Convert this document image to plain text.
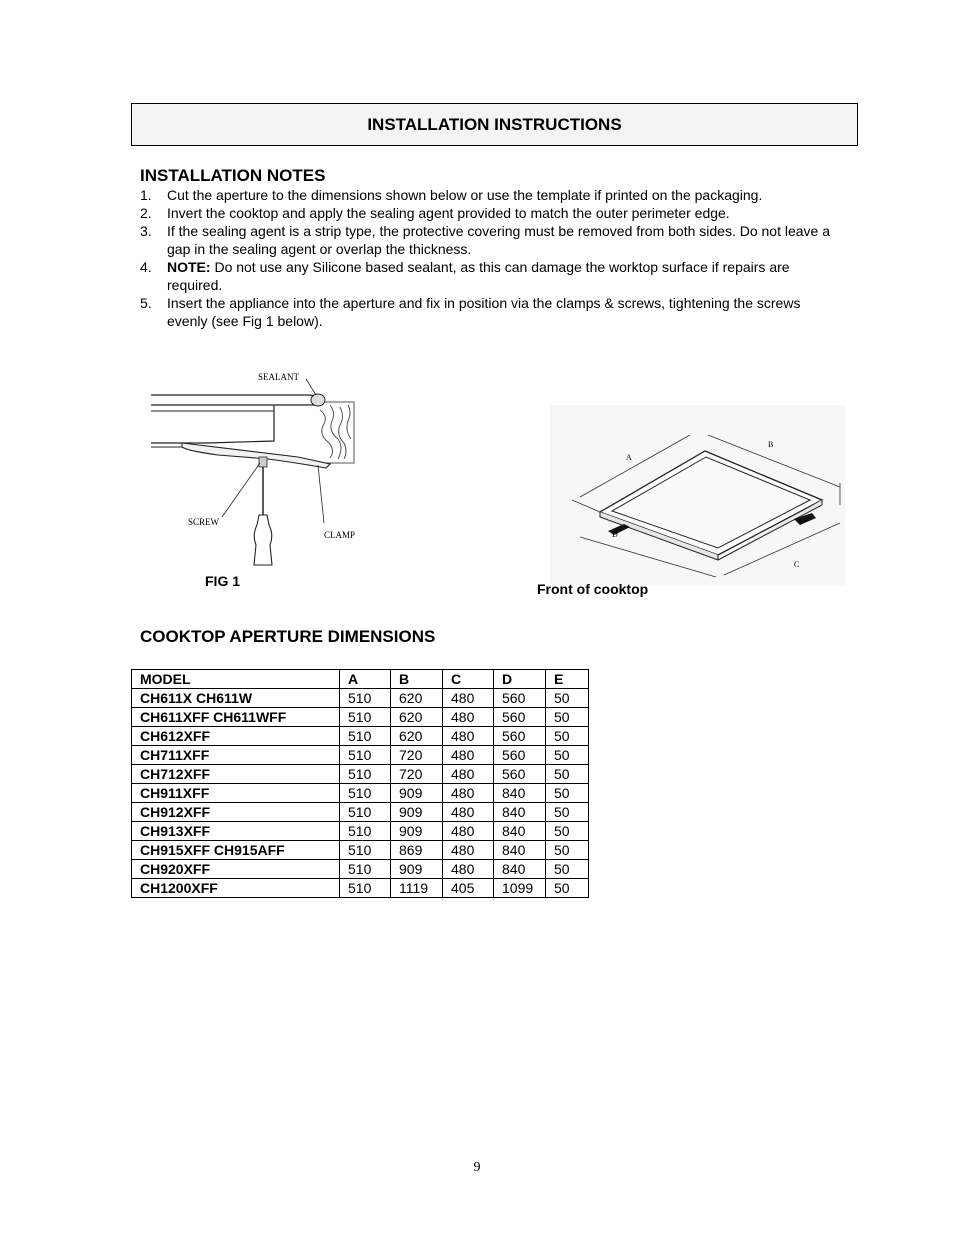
INSTALLATION INSTRUCTIONS
INSTALLATION NOTES
1. Cut the aperture to the dimensions shown below or use the template if printed on the packaging.
2. Invert the cooktop and apply the sealing agent provided to match the outer perimeter edge.
3. If the sealing agent is a strip type, the protective covering must be removed from both sides. Do not leave a gap in the sealing agent or overlap the thickness.
4. NOTE: Do not use any Silicone based sealant, as this can damage the worktop surface if repairs are required.
5. Insert the appliance into the aperture and fix in position via the clamps & screws, tightening the screws evenly (see Fig 1 below).
SEALANT
SCREW
CLAMP
FIG 1
A
B
C
D
Front of cooktop
COOKTOP APERTURE DIMENSIONS
MODEL	A	B	C	D	E
CH611X CH611W	510	620	480	560	50
CH611XFF CH611WFF	510	620	480	560	50
CH612XFF	510	620	480	560	50
CH711XFF	510	720	480	560	50
CH712XFF	510	720	480	560	50
CH911XFF	510	909	480	840	50
CH912XFF	510	909	480	840	50
CH913XFF	510	909	480	840	50
CH915XFF CH915AFF	510	869	480	840	50
CH920XFF	510	909	480	840	50
CH1200XFF	510	1119	405	1099	50
9
